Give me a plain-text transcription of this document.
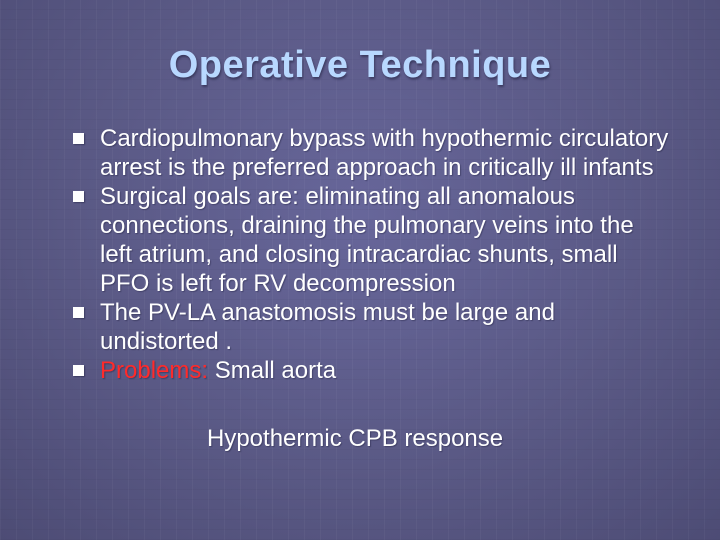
Operative Technique
Cardiopulmonary bypass with hypothermic circulatory arrest is the preferred approach in critically ill infants
Surgical goals are: eliminating all anomalous connections, draining the pulmonary veins into the left atrium, and closing intracardiac shunts, small PFO is left for RV decompression
The PV-LA anastomosis must be large and undistorted .
Problems: Small aorta
Hypothermic CPB response
